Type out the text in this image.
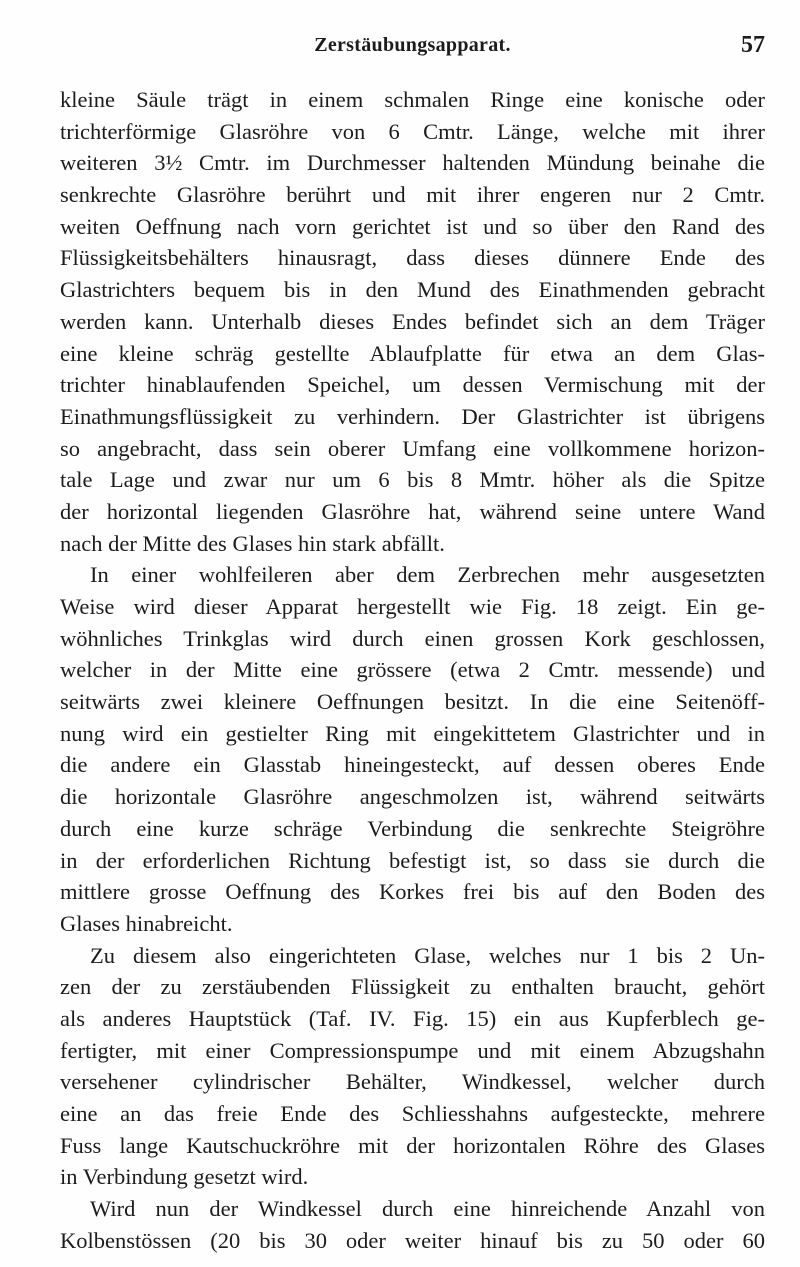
Zerstäubungsapparat.	57
kleine Säule trägt in einem schmalen Ringe eine konische oder
trichterförmige Glasröhre von 6 Cmtr. Länge, welche mit ihrer
weiteren 3½ Cmtr. im Durchmesser haltenden Mündung beinahe die
senkrechte Glasröhre berührt und mit ihrer engeren nur 2 Cmtr.
weiten Oeffnung nach vorn gerichtet ist und so über den Rand des
Flüssigkeitsbehälters hinausragt, dass dieses dünnere Ende des
Glastrichters bequem bis in den Mund des Einathmenden gebracht
werden kann. Unterhalb dieses Endes befindet sich an dem Träger
eine kleine schräg gestellte Ablaufplatte für etwa an dem Glas-
trichter hinablaufenden Speichel, um dessen Vermischung mit der
Einathmungsflüssigkeit zu verhindern. Der Glastrichter ist übrigens
so angebracht, dass sein oberer Umfang eine vollkommene horizon-
tale Lage und zwar nur um 6 bis 8 Mmtr. höher als die Spitze
der horizontal liegenden Glasröhre hat, während seine untere Wand
nach der Mitte des Glases hin stark abfällt.
In einer wohlfeileren aber dem Zerbrechen mehr ausgesetzten
Weise wird dieser Apparat hergestellt wie Fig. 18 zeigt. Ein ge-
wöhnliches Trinkglas wird durch einen grossen Kork geschlossen,
welcher in der Mitte eine grössere (etwa 2 Cmtr. messende) und
seitwärts zwei kleinere Oeffnungen besitzt. In die eine Seitenöff-
nung wird ein gestielter Ring mit eingekittetem Glastrichter und in
die andere ein Glasstab hineingesteckt, auf dessen oberes Ende
die horizontale Glasröhre angeschmolzen ist, während seitwärts
durch eine kurze schräge Verbindung die senkrechte Steigröhre
in der erforderlichen Richtung befestigt ist, so dass sie durch die
mittlere grosse Oeffnung des Korkes frei bis auf den Boden des
Glases hinabreicht.
Zu diesem also eingerichteten Glase, welches nur 1 bis 2 Un-
zen der zu zerstäubenden Flüssigkeit zu enthalten braucht, gehört
als anderes Hauptstück (Taf. IV. Fig. 15) ein aus Kupferblech ge-
fertigter, mit einer Compressionspumpe und mit einem Abzugshahn
versehener cylindrischer Behälter, Windkessel, welcher durch
eine an das freie Ende des Schliesshahns aufgesteckte, mehrere
Fuss lange Kautschuckröhre mit der horizontalen Röhre des Glases
in Verbindung gesetzt wird.
Wird nun der Windkessel durch eine hinreichende Anzahl von
Kolbenstössen (20 bis 30 oder weiter hinauf bis zu 50 oder 60
